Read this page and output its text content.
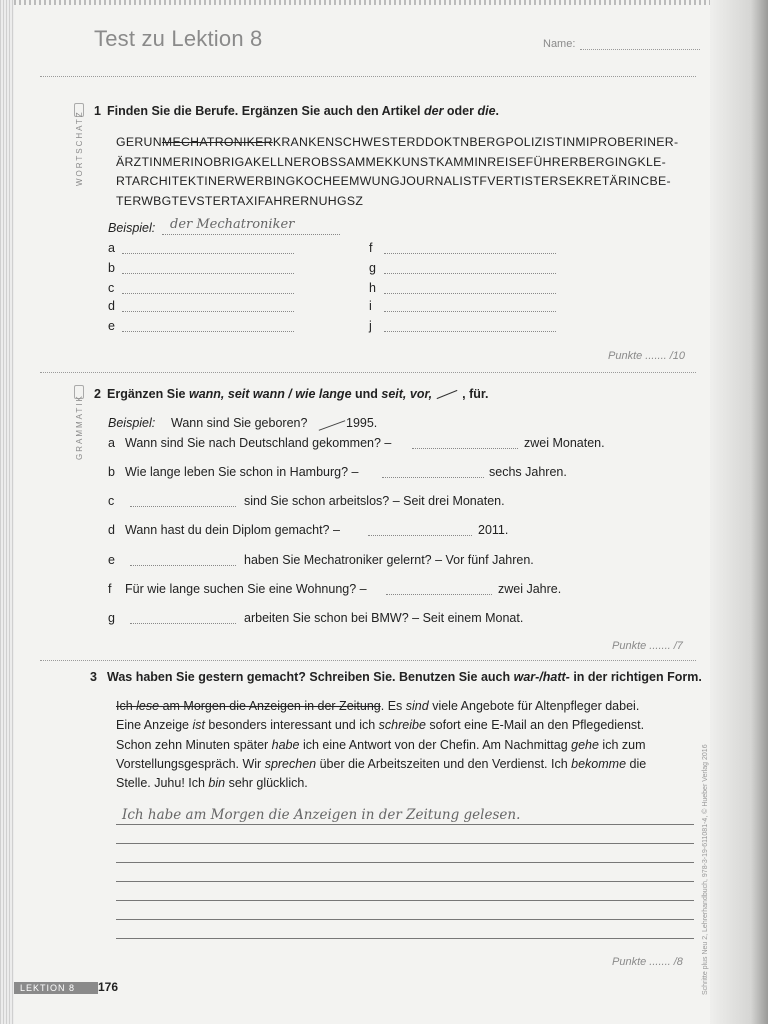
Test zu Lektion 8	Name:
WORTSCHATZ 1 Finden Sie die Berufe. Ergänzen Sie auch den Artikel der oder die.
GERUNMECHATRONIKERKRANKENSCHWESTERDDOKTNBERGPOLIZISTINMIPROBERINER-
ÄRZTINMERINOBRIGAKELLNEROBSSAMMEKKUNSTKAMMINREISEFÜHRERBERGINGKLE-
RTARCHITEKTINERWERBINGKOCHEEMWUNGJOURNALISTFVERTISTERSEKRETÄRINCBE-
TERWBGTEVSTERTAXIFAHRERNUHGSZ
Beispiel: der Mechatroniker
a
b
c
d
e
f
g
h
i
j
Punkte ....... /10
GRAMMATIK
2 Ergänzen Sie wann, seit wann / wie lange und seit, vor, , für.
Beispiel: Wann sind Sie geboren?	1995.
a Wann sind Sie nach Deutschland gekommen? –	zwei Monaten.
b Wie lange leben Sie schon in Hamburg? –	sechs Jahren.
c	sind Sie schon arbeitslos? – Seit drei Monaten.
d Wann hast du dein Diplom gemacht? –	2011.
e	haben Sie Mechatroniker gelernt? – Vor fünf Jahren.
f Für wie lange suchen Sie eine Wohnung? –	zwei Jahre.
g	arbeiten Sie schon bei BMW? – Seit einem Monat.
Punkte ....... /7
3 Was haben Sie gestern gemacht? Schreiben Sie. Benutzen Sie auch war-/hatt- in der richtigen Form.
Ich lese am Morgen die Anzeigen in der Zeitung. Es sind viele Angebote für Altenpfleger dabei.
Eine Anzeige ist besonders interessant und ich schreibe sofort eine E-Mail an den Pflegedienst.
Schon zehn Minuten später habe ich eine Antwort von der Chefin. Am Nachmittag gehe ich zum
Vorstellungsgespräch. Wir sprechen über die Arbeitszeiten und den Verdienst. Ich bekomme die
Stelle. Juhu! Ich bin sehr glücklich.
Ich habe am Morgen die Anzeigen in der Zeitung gelesen.
Punkte ....... /8
LEKTION 8	176	Schritte plus Neu 2, Lehrerhandbuch, 978-3-19-611081-4, © Hueber Verlag 2016
